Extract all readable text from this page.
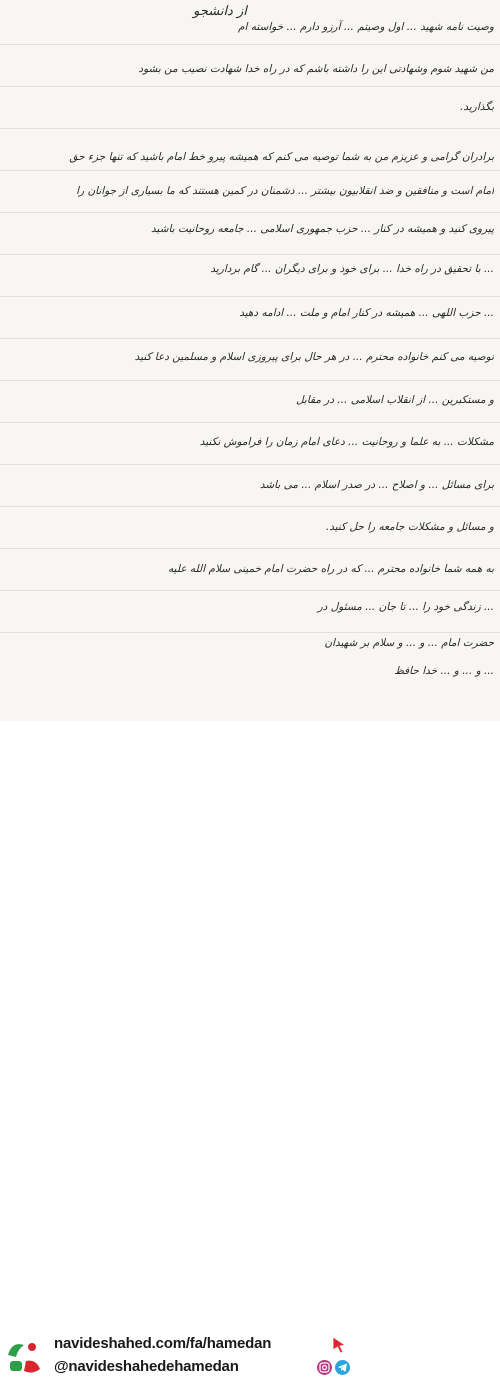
از دانشجو
وصیت نامه شهید ... اول وصیتم ... آرزو دارم ... خواسته ام
من شهید شوم وشهادتی این را داشته باشم که در راه خدا شهادت نصیب من بشود
بگذارید.
برادران گرامی و عزیزم من به شما توصیه می کنم که همیشه پیرو خط امام باشید که تنها جزء حق
امام است و منافقین و ضد انقلابیون بیشتر ... دشمنان در کمین هستند که ما بسیاری از جوانان را
پیروی کنید و همیشه در کنار ... حزب جمهوری اسلامی ... جامعه روحانیت باشید
... با تحقیق در راه خدا ... برای خود و برای دیگران ... گام بردارید
... حزب اللهی ... همیشه در کنار امام و ملت ... ادامه دهید
توصیه می کنم خانواده محترم ... در هر حال برای پیروزی اسلام و مسلمین دعا کنید
و مستکبرین ... از انقلاب اسلامی ... در مقابل
مشکلات ... به علما و روحانیت ... دعای امام زمان را فراموش نکنید
برای مسائل ... و اصلاح ... در صدر اسلام ... می باشد
و مسائل و مشکلات جامعه را حل کنید.
به همه شما خانواده محترم ... که در راه حضرت امام خمینی سلام الله علیه
... زندگی خود را ... تا جان ... مسئول در
حضرت امام ... و ... و سلام بر شهیدان
... و ... و ... خدا حافظ
navideshahed.com/fa/hamedan
@navideshahedehamedan
